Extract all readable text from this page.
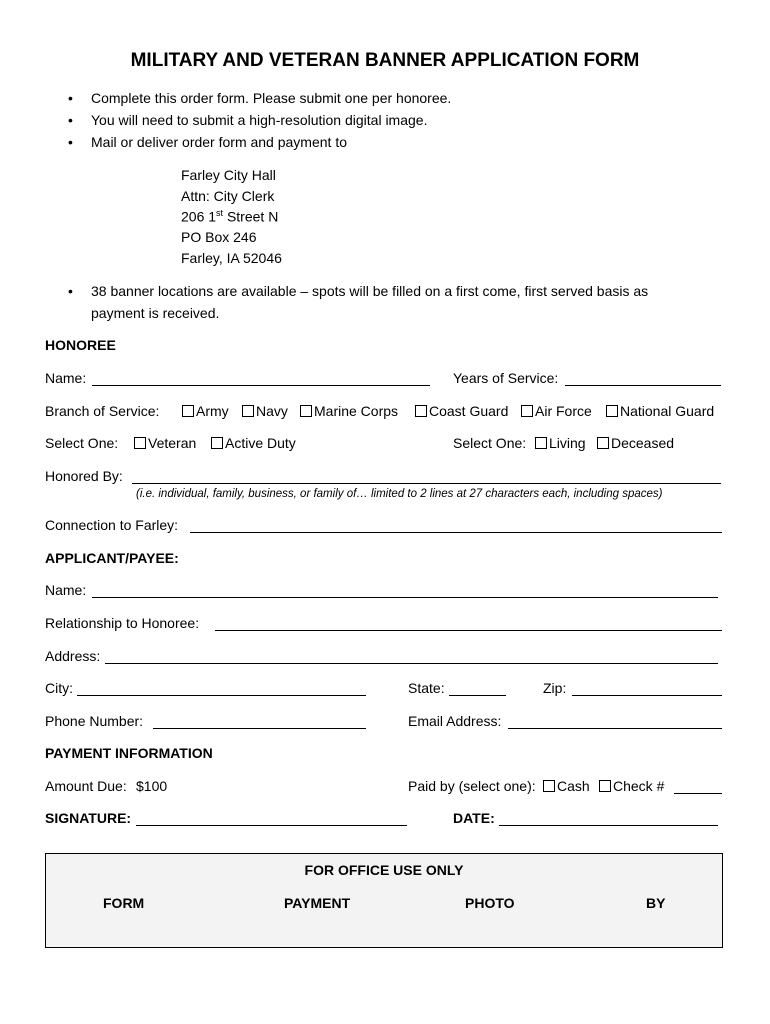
MILITARY AND VETERAN BANNER APPLICATION FORM
• Complete this order form. Please submit one per honoree.
• You will need to submit a high-resolution digital image.
• Mail or deliver order form and payment to
Farley City Hall
Attn: City Clerk
206 1st Street N
PO Box 246
Farley, IA 52046
• 38 banner locations are available – spots will be filled on a first come, first served basis as
payment is received.
HONOREE
Name:	Years of Service:
Branch of Service:	Army	Navy	Marine Corps	Coast Guard	Air Force	National Guard
Select One:	Veteran	Active Duty	Select One:	Living	Deceased
Honored By:
(i.e. individual, family, business, or family of… limited to 2 lines at 27 characters each, including spaces)
Connection to Farley:
APPLICANT/PAYEE:
Name:
Relationship to Honoree:
Address:
City:	State:	Zip:
Phone Number:	Email Address:
PAYMENT INFORMATION
Amount Due: $100	Paid by (select one):	Cash	Check #
SIGNATURE:	DATE:
FOR OFFICE USE ONLY
FORM	PAYMENT	PHOTO	BY
